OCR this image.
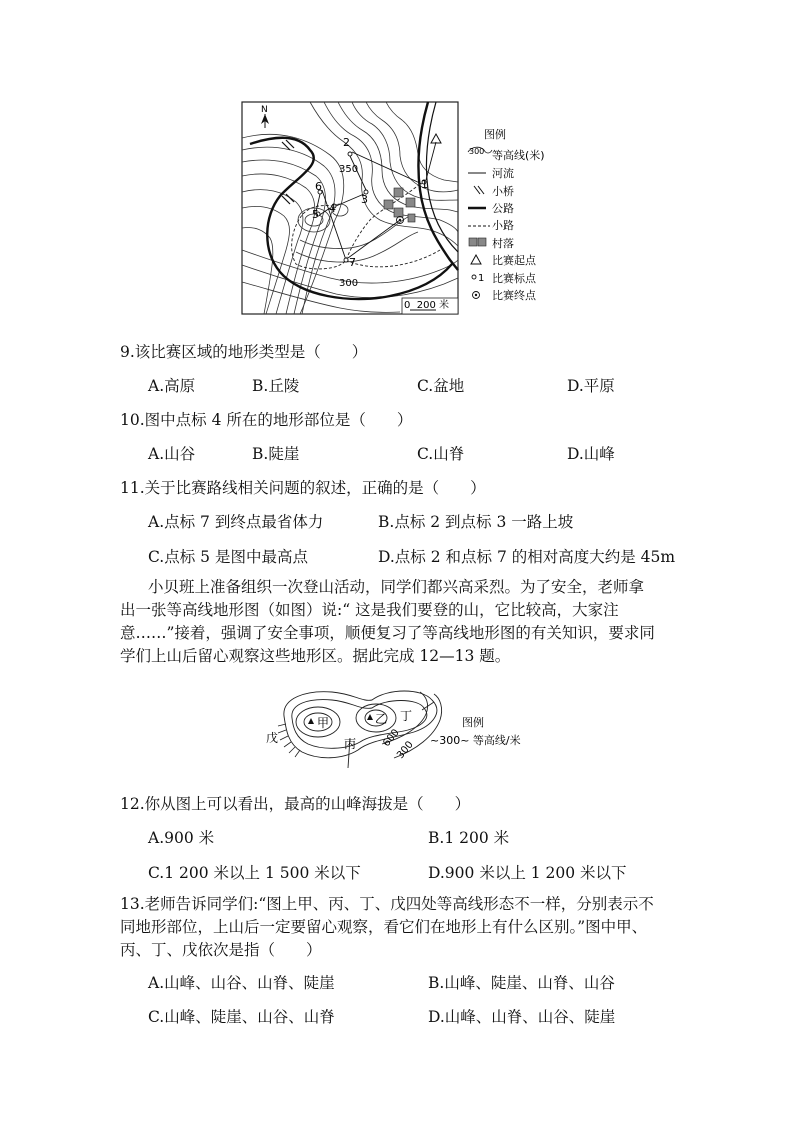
N
1
2
3
4
5
6
7
350
300
0  200 米
图例
300 等高线(米)
河流
小桥
公路
小路
村落
比赛起点
1 比赛标点
比赛终点
9.该比赛区域的地形类型是（　　）
A.高原	B.丘陵	C.盆地	D.平原
10.图中点标 4 所在的地形部位是（　　）
A.山谷	B.陡崖	C.山脊	D.山峰
11.关于比赛路线相关问题的叙述，正确的是（　　）
A.点标 7 到终点最省体力	B.点标 2 到点标 3 一路上坡
C.点标 5 是图中最高点	D.点标 2 和点标 7 的相对高度大约是 45m
小贝班上准备组织一次登山活动，同学们都兴高采烈。为了安全，老师拿
出一张等高线地形图（如图）说:“ 这是我们要登的山，它比较高，大家注
意……”接着，强调了安全事项，顺便复习了等高线地形图的有关知识，要求同
学们上山后留心观察这些地形区。据此完成 12—13 题。
甲	乙
丙
丁
戊	600
300
图例
~300~ 等高线/米
12.你从图上可以看出，最高的山峰海拔是（　　）
A.900 米	B.1 200 米
C.1 200 米以上 1 500 米以下	D.900 米以上 1 200 米以下
13.老师告诉同学们:“图上甲、丙、丁、戊四处等高线形态不一样，分别表示不
同地形部位，上山后一定要留心观察，看它们在地形上有什么区别。”图中甲、
丙、丁、戊依次是指（　　）
A.山峰、山谷、山脊、陡崖	B.山峰、陡崖、山脊、山谷
C.山峰、陡崖、山谷、山脊	D.山峰、山脊、山谷、陡崖
